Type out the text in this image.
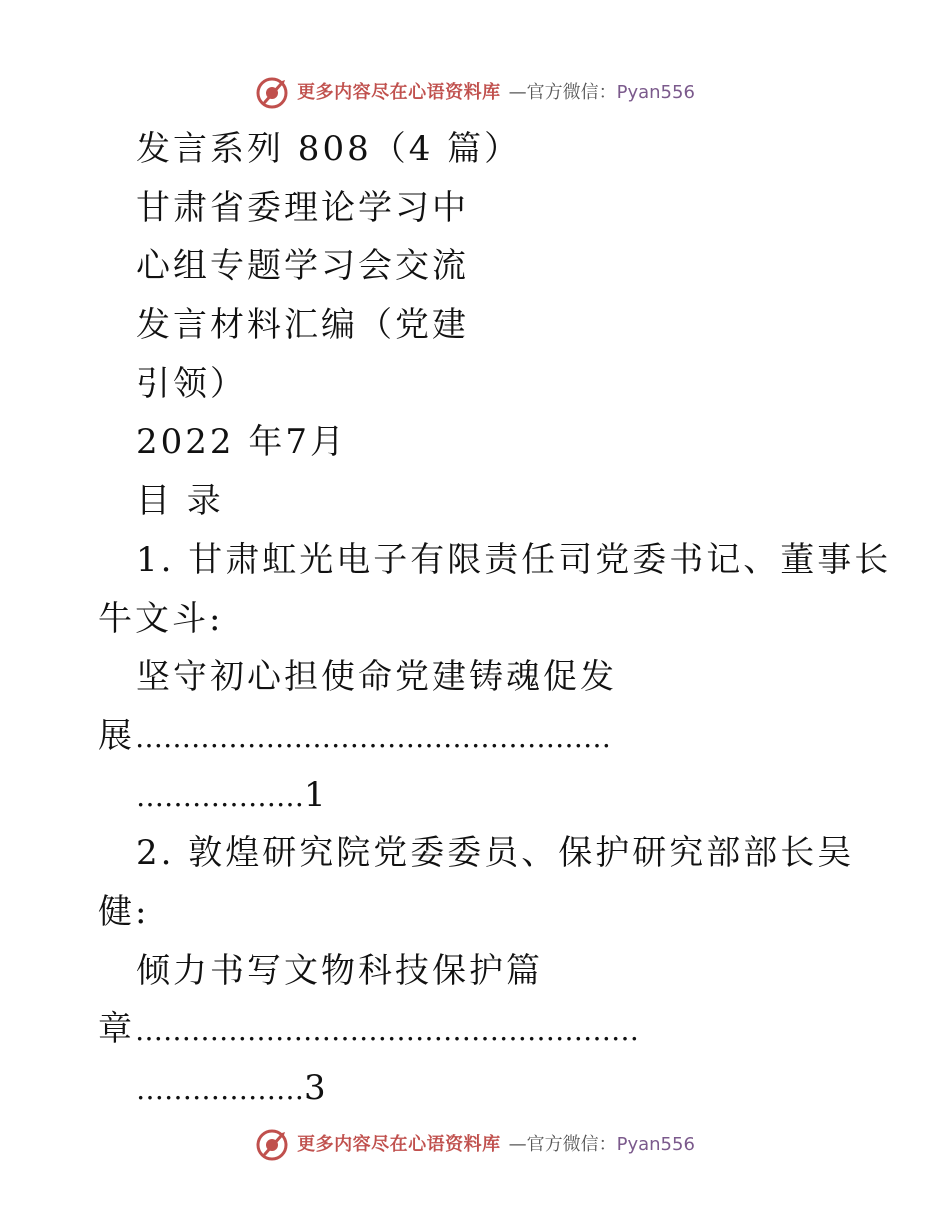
更多内容尽在心语资料库 —官方微信：Pyan556
发言系列 808（4 篇）
甘肃省委理论学习中
心组专题学习会交流
发言材料汇编（党建
引领）
2022 年7月
目 录
1. 甘肃虹光电子有限责任司党委书记、董事长
牛文斗:
坚守初心担使命党建铸魂促发
展……………………………………………
………………1
2. 敦煌研究院党委委员、保护研究部部长吴
健:
倾力书写文物科技保护篇
章………………………………………………
………………3
更多内容尽在心语资料库 —官方微信：Pyan556
